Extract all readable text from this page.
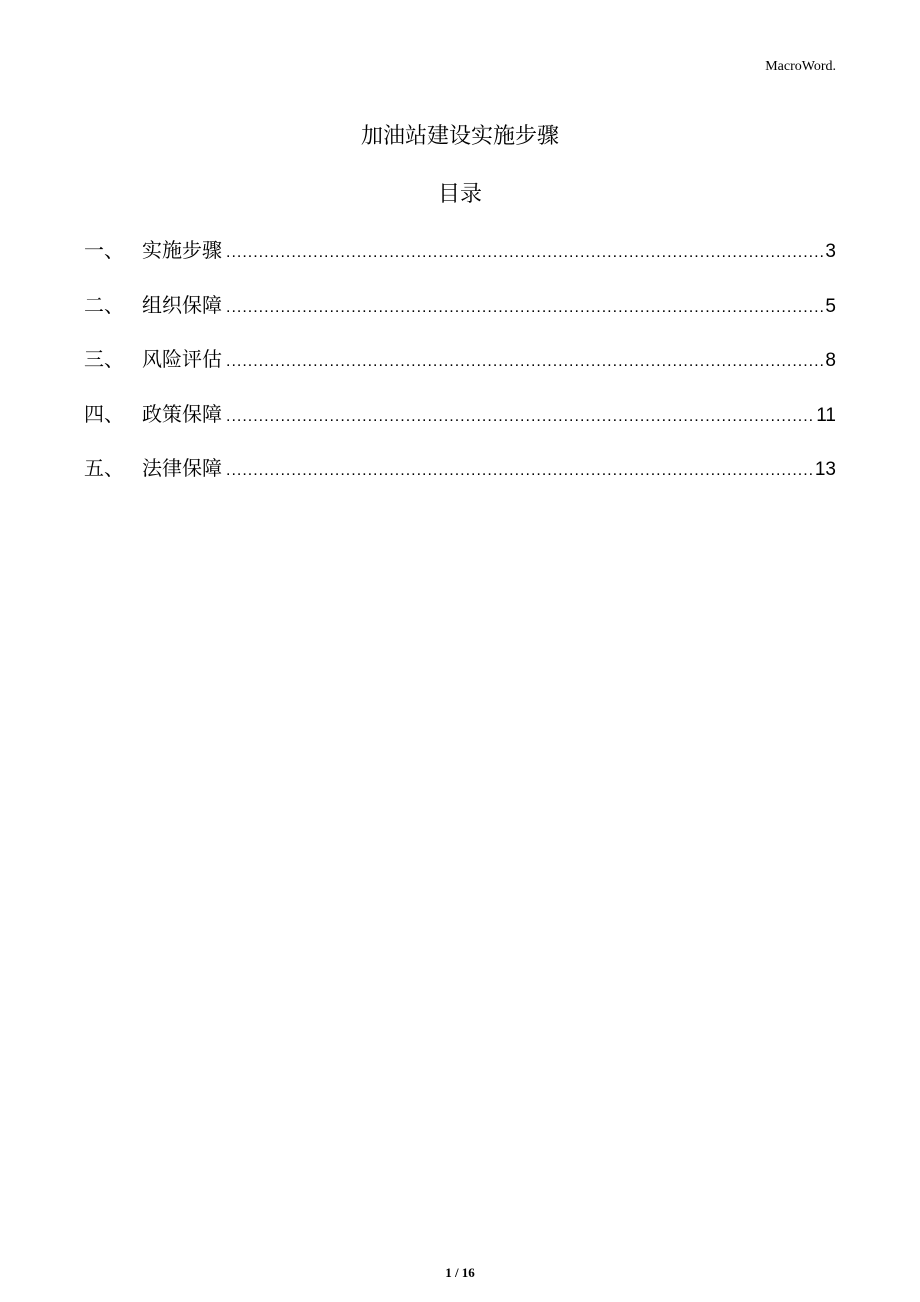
MacroWord.
加油站建设实施步骤
目录
一、 实施步骤 .....	3
二、 组织保障 .....	5
三、 风险评估 .....	8
四、 政策保障 .....	11
五、 法律保障 .....	13
1 / 16
